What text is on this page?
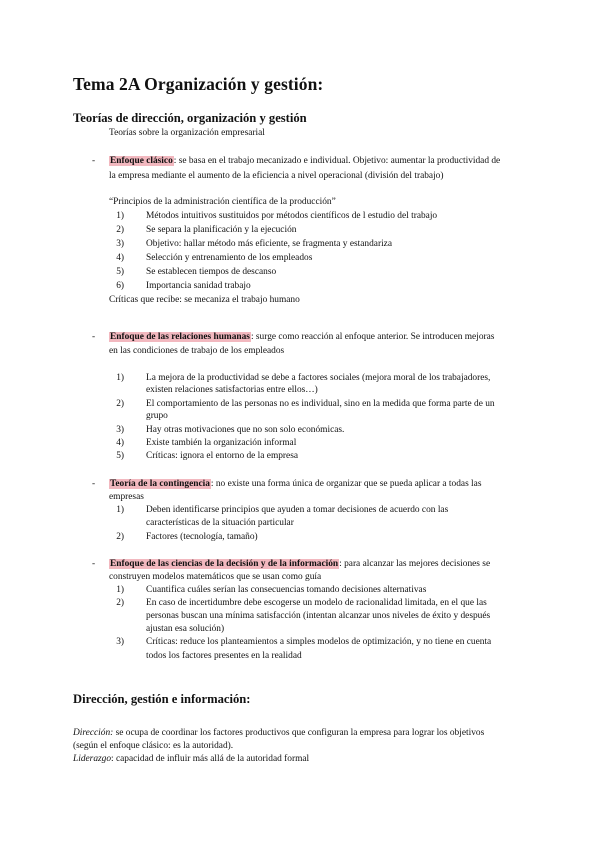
Tema 2A Organización y gestión:
Teorías de dirección, organización y gestión
Teorías sobre la organización empresarial
- Enfoque clásico: se basa en el trabajo mecanizado e individual. Objetivo: aumentar la productividad de
la empresa mediante el aumento de la eficiencia a nivel operacional (división del trabajo)
“Principios de la administración científica de la producción”
1) Métodos intuitivos sustituidos por métodos científicos de l estudio del trabajo
2) Se separa la planificación y la ejecución
3) Objetivo: hallar método más eficiente, se fragmenta y estandariza
4) Selección y entrenamiento de los empleados
5) Se establecen tiempos de descanso
6) Importancia sanidad trabajo
Críticas que recibe: se mecaniza el trabajo humano
- Enfoque de las relaciones humanas: surge como reacción al enfoque anterior. Se introducen mejoras
en las condiciones de trabajo de los empleados
1) La mejora de la productividad se debe a factores sociales (mejora moral de los trabajadores,
existen relaciones satisfactorias entre ellos…)
2) El comportamiento de las personas no es individual, sino en la medida que forma parte de un
grupo
3) Hay otras motivaciones que no son solo económicas.
4) Existe también la organización informal
5) Críticas: ignora el entorno de la empresa
- Teoría de la contingencia: no existe una forma única de organizar que se pueda aplicar a todas las
empresas
1) Deben identificarse principios que ayuden a tomar decisiones de acuerdo con las
características de la situación particular
2) Factores (tecnología, tamaño)
- Enfoque de las ciencias de la decisión y de la información: para alcanzar las mejores decisiones se
construyen modelos matemáticos que se usan como guía
1) Cuantifica cuáles serían las consecuencias tomando decisiones alternativas
2) En caso de incertidumbre debe escogerse un modelo de racionalidad limitada, en el que las
personas buscan una mínima satisfacción (intentan alcanzar unos niveles de éxito y después
ajustan esa solución)
3) Críticas: reduce los planteamientos a simples modelos de optimización, y no tiene en cuenta
todos los factores presentes en la realidad
Dirección, gestión e información:
Dirección: se ocupa de coordinar los factores productivos que configuran la empresa para lograr los objetivos
(según el enfoque clásico: es la autoridad).
Liderazgo: capacidad de influir más allá de la autoridad formal
